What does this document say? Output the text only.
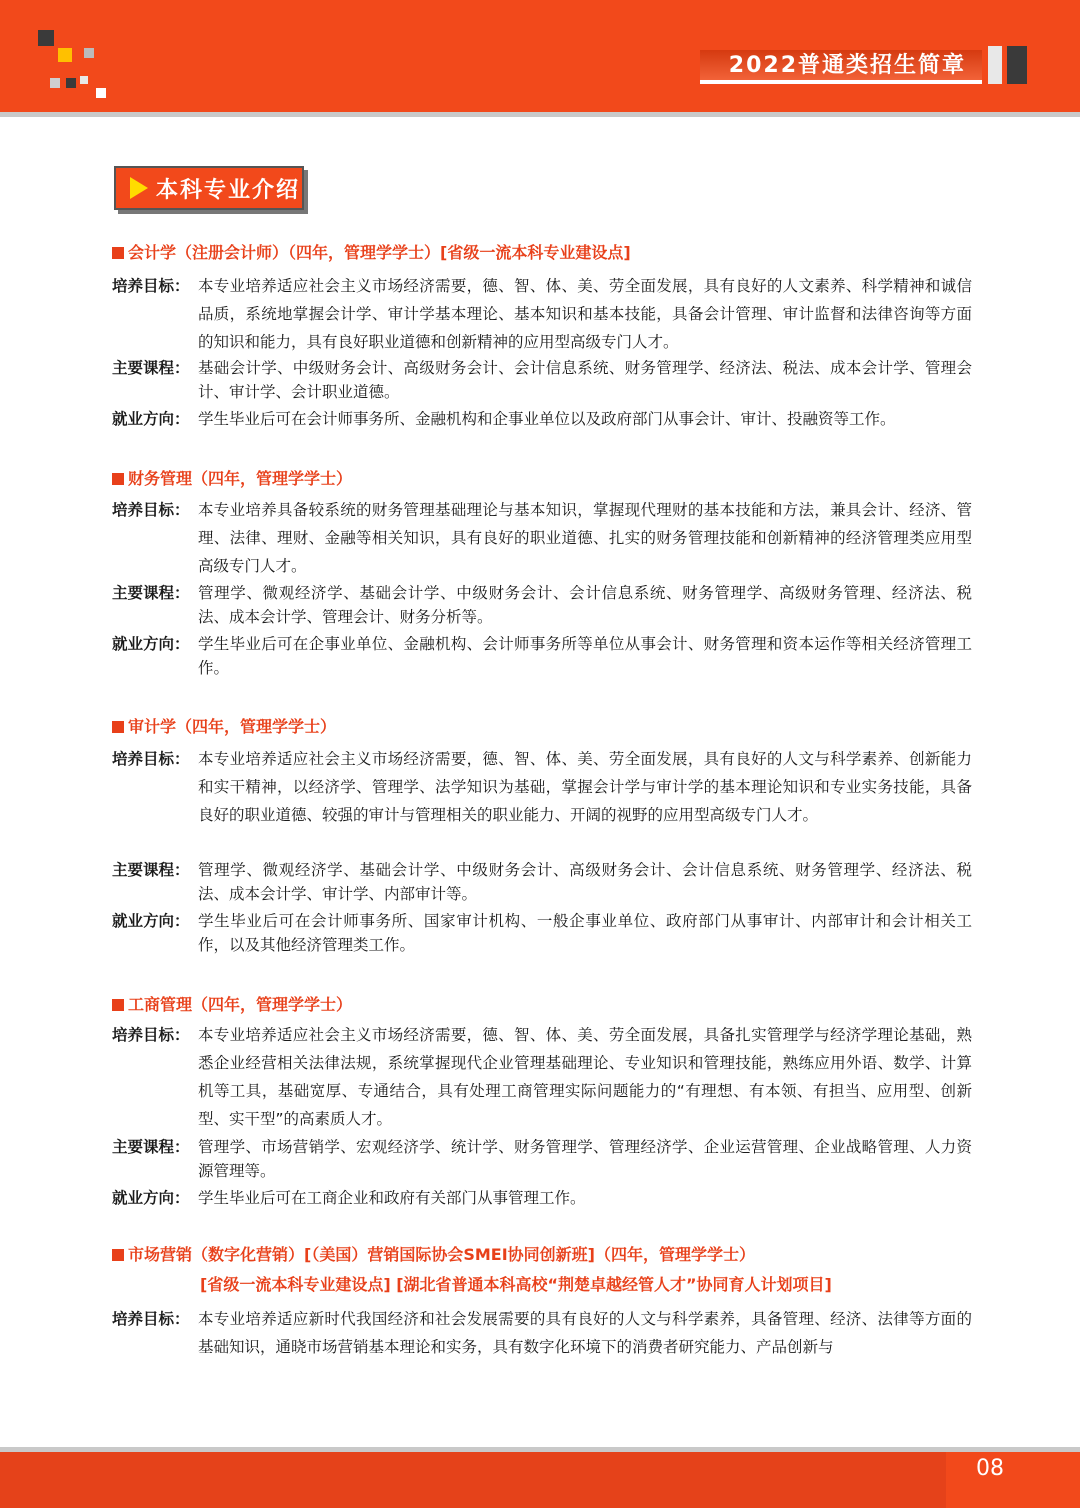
2022普通类招生简章
本科专业介绍
会计学（注册会计师）（四年，管理学学士）[省级一流本科专业建设点]
培养目标： 本专业培养适应社会主义市场经济需要，德、智、体、美、劳全面发展，具有良好的人文素养、科学精神和诚信品质，系统地掌握会计学、审计学基本理论、基本知识和基本技能，具备会计管理、审计监督和法律咨询等方面的知识和能力，具有良好职业道德和创新精神的应用型高级专门人才。
主要课程： 基础会计学、中级财务会计、高级财务会计、会计信息系统、财务管理学、经济法、税法、成本会计学、管理会计、审计学、会计职业道德。
就业方向： 学生毕业后可在会计师事务所、金融机构和企事业单位以及政府部门从事会计、审计、投融资等工作。
财务管理（四年，管理学学士）
培养目标： 本专业培养具备较系统的财务管理基础理论与基本知识，掌握现代理财的基本技能和方法，兼具会计、经济、管理、法律、理财、金融等相关知识，具有良好的职业道德、扎实的财务管理技能和创新精神的经济管理类应用型高级专门人才。
主要课程： 管理学、微观经济学、基础会计学、中级财务会计、会计信息系统、财务管理学、高级财务管理、经济法、税法、成本会计学、管理会计、财务分析等。
就业方向： 学生毕业后可在企事业单位、金融机构、会计师事务所等单位从事会计、财务管理和资本运作等相关经济管理工作。
审计学（四年，管理学学士）
培养目标： 本专业培养适应社会主义市场经济需要，德、智、体、美、劳全面发展，具有良好的人文与科学素养、创新能力和实干精神，以经济学、管理学、法学知识为基础，掌握会计学与审计学的基本理论知识和专业实务技能，具备良好的职业道德、较强的审计与管理相关的职业能力、开阔的视野的应用型高级专门人才。
主要课程： 管理学、微观经济学、基础会计学、中级财务会计、高级财务会计、会计信息系统、财务管理学、经济法、税法、成本会计学、审计学、内部审计等。
就业方向： 学生毕业后可在会计师事务所、国家审计机构、一般企事业单位、政府部门从事审计、内部审计和会计相关工作，以及其他经济管理类工作。
工商管理（四年，管理学学士）
培养目标： 本专业培养适应社会主义市场经济需要，德、智、体、美、劳全面发展，具备扎实管理学与经济学理论基础，熟悉企业经营相关法律法规，系统掌握现代企业管理基础理论、专业知识和管理技能，熟练应用外语、数学、计算机等工具，基础宽厚、专通结合，具有处理工商管理实际问题能力的“有理想、有本领、有担当、应用型、创新型、实干型”的高素质人才。
主要课程： 管理学、市场营销学、宏观经济学、统计学、财务管理学、管理经济学、企业运营管理、企业战略管理、人力资源管理等。
就业方向： 学生毕业后可在工商企业和政府有关部门从事管理工作。
市场营销（数字化营销）[（美国）营销国际协会SMEI协同创新班]（四年，管理学学士）
[省级一流本科专业建设点] [湖北省普通本科高校“荆楚卓越经管人才”协同育人计划项目]
培养目标： 本专业培养适应新时代我国经济和社会发展需要的具有良好的人文与科学素养，具备管理、经济、法律等方面的基础知识，通晓市场营销基本理论和实务，具有数字化环境下的消费者研究能力、产品创新与
08
